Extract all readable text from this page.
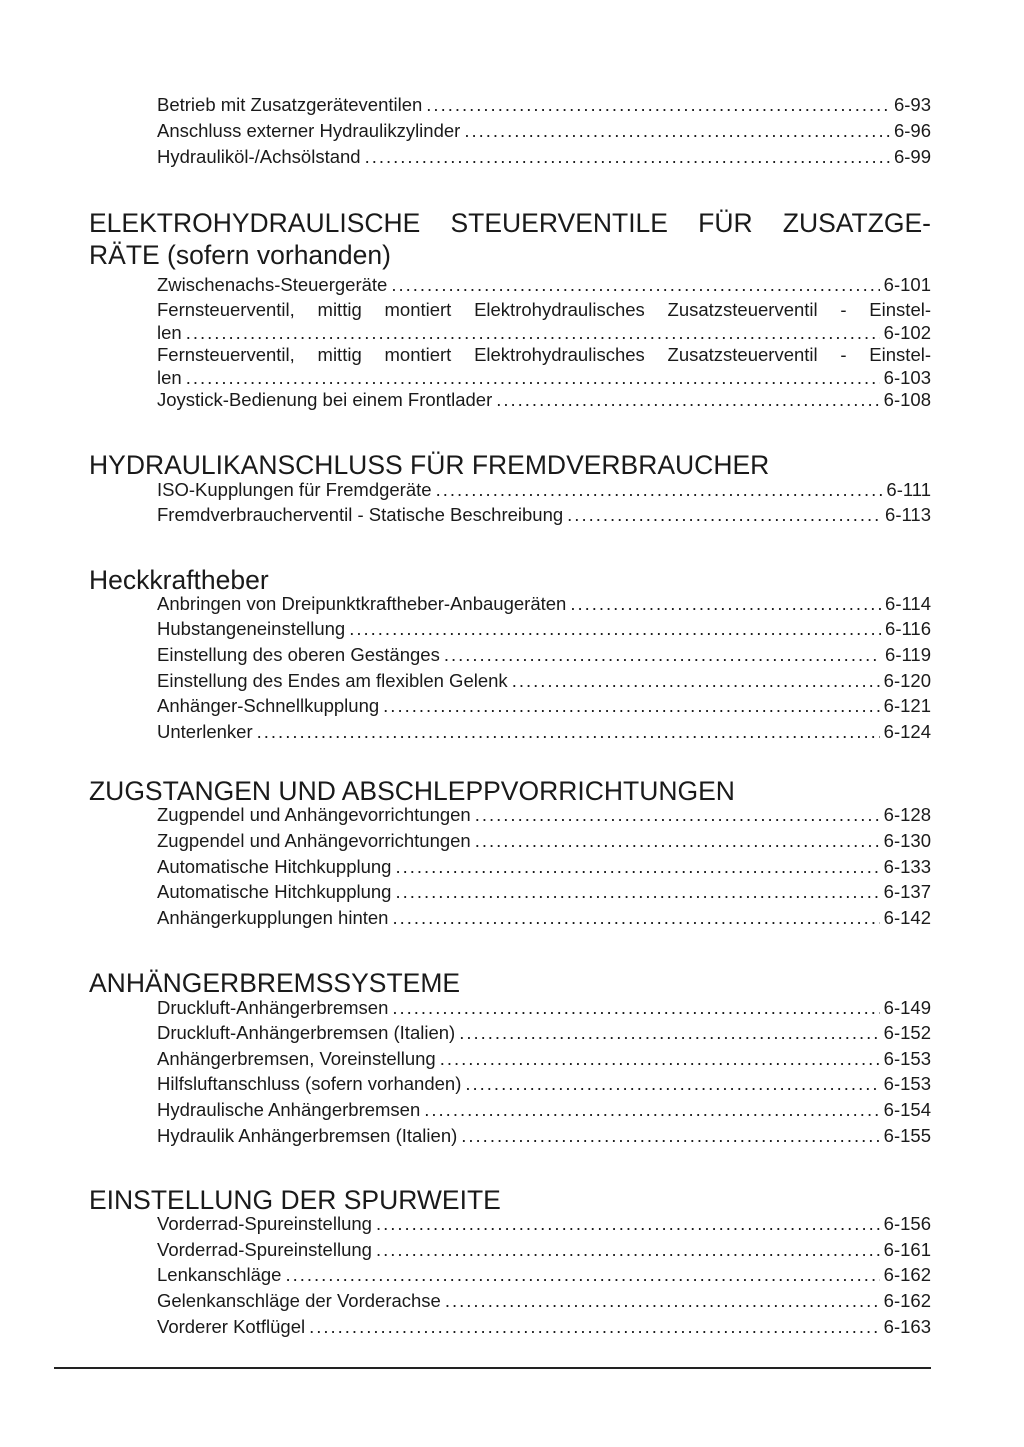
Betrieb mit Zusatzgeräteventilen .....	6-93
Anschluss externer Hydraulikzylinder .....	6-96
Hydrauliköl-/Achsölstand .....	6-99
ELEKTROHYDRAULISCHE STEUERVENTILE FÜR ZUSATZGE-
RÄTE (sofern vorhanden)
Zwischenachs-Steuergeräte .....	6-101
Fernsteuerventil, mittig montiert Elektrohydraulisches Zusatzsteuerventil - Einstel-
len .....	6-102
Fernsteuerventil, mittig montiert Elektrohydraulisches Zusatzsteuerventil - Einstel-
len .....	6-103
Joystick-Bedienung bei einem Frontlader .....	6-108
HYDRAULIKANSCHLUSS FÜR FREMDVERBRAUCHER
ISO-Kupplungen für Fremdgeräte .....	6-111
Fremdverbraucherventil - Statische Beschreibung .....	6-113
Heckkraftheber
Anbringen von Dreipunktkraftheber-Anbaugeräten .....	6-114
Hubstangeneinstellung .....	6-116
Einstellung des oberen Gestänges .....	6-119
Einstellung des Endes am flexiblen Gelenk .....	6-120
Anhänger-Schnellkupplung .....	6-121
Unterlenker .....	6-124
ZUGSTANGEN UND ABSCHLEPPVORRICHTUNGEN
Zugpendel und Anhängevorrichtungen .....	6-128
Zugpendel und Anhängevorrichtungen .....	6-130
Automatische Hitchkupplung .....	6-133
Automatische Hitchkupplung .....	6-137
Anhängerkupplungen hinten .....	6-142
ANHÄNGERBREMSSYSTEME
Druckluft-Anhängerbremsen .....	6-149
Druckluft-Anhängerbremsen (Italien) .....	6-152
Anhängerbremsen, Voreinstellung .....	6-153
Hilfsluftanschluss (sofern vorhanden) .....	6-153
Hydraulische Anhängerbremsen .....	6-154
Hydraulik Anhängerbremsen (Italien) .....	6-155
EINSTELLUNG DER SPURWEITE
Vorderrad-Spureinstellung .....	6-156
Vorderrad-Spureinstellung .....	6-161
Lenkanschläge .....	6-162
Gelenkanschläge der Vorderachse .....	6-162
Vorderer Kotflügel .....	6-163
